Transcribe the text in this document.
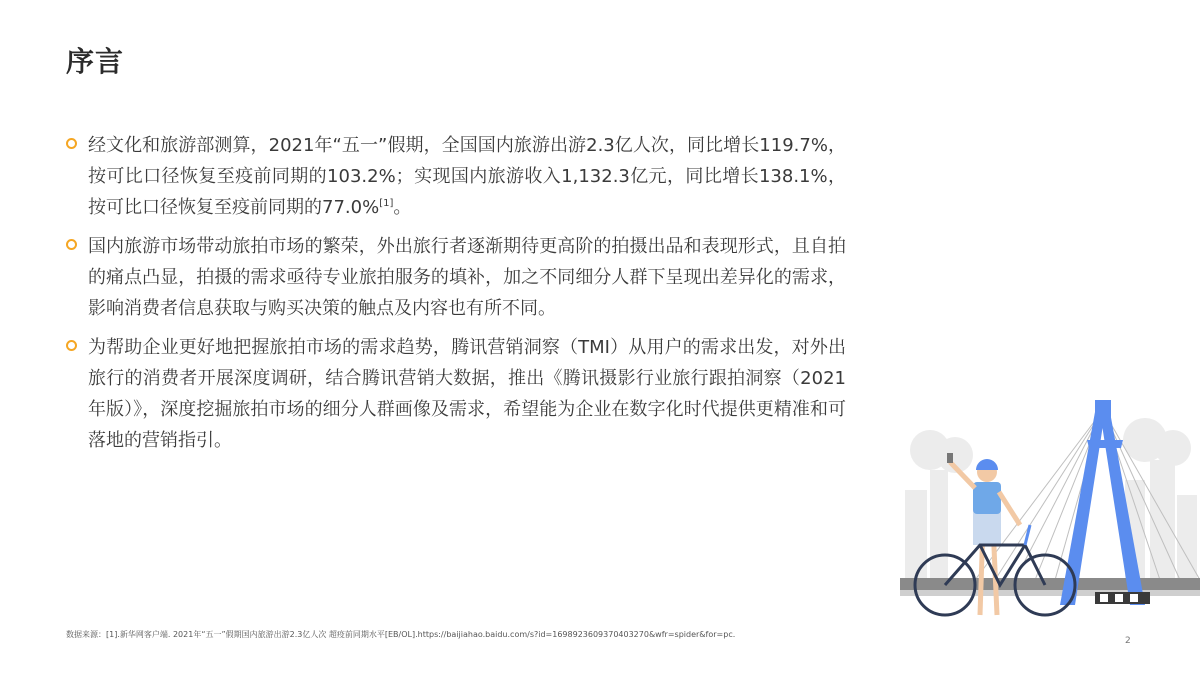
序言
经文化和旅游部测算，2021年“五一”假期，全国国内旅游出游2.3亿人次，同比增长119.7%，按可比口径恢复至疫前同期的103.2%；实现国内旅游收入1,132.3亿元，同比增长138.1%，按可比口径恢复至疫前同期的77.0%[1]。
国内旅游市场带动旅拍市场的繁荣，外出旅行者逐渐期待更高阶的拍摄出品和表现形式，且自拍的痛点凸显，拍摄的需求亟待专业旅拍服务的填补，加之不同细分人群下呈现出差异化的需求，影响消费者信息获取与购买决策的触点及内容也有所不同。
为帮助企业更好地把握旅拍市场的需求趋势，腾讯营销洞察（TMI）从用户的需求出发，对外出旅行的消费者开展深度调研，结合腾讯营销大数据，推出《腾讯摄影行业旅行跟拍洞察（2021年版）》，深度挖掘旅拍市场的细分人群画像及需求，希望能为企业在数字化时代提供更精准和可落地的营销指引。
数据来源：[1].新华网客户端. 2021年“五一”假期国内旅游出游2.3亿人次 超疫前同期水平[EB/OL].https://baijiahao.baidu.com/s?id=1698923609370403270&wfr=spider&for=pc.
2
